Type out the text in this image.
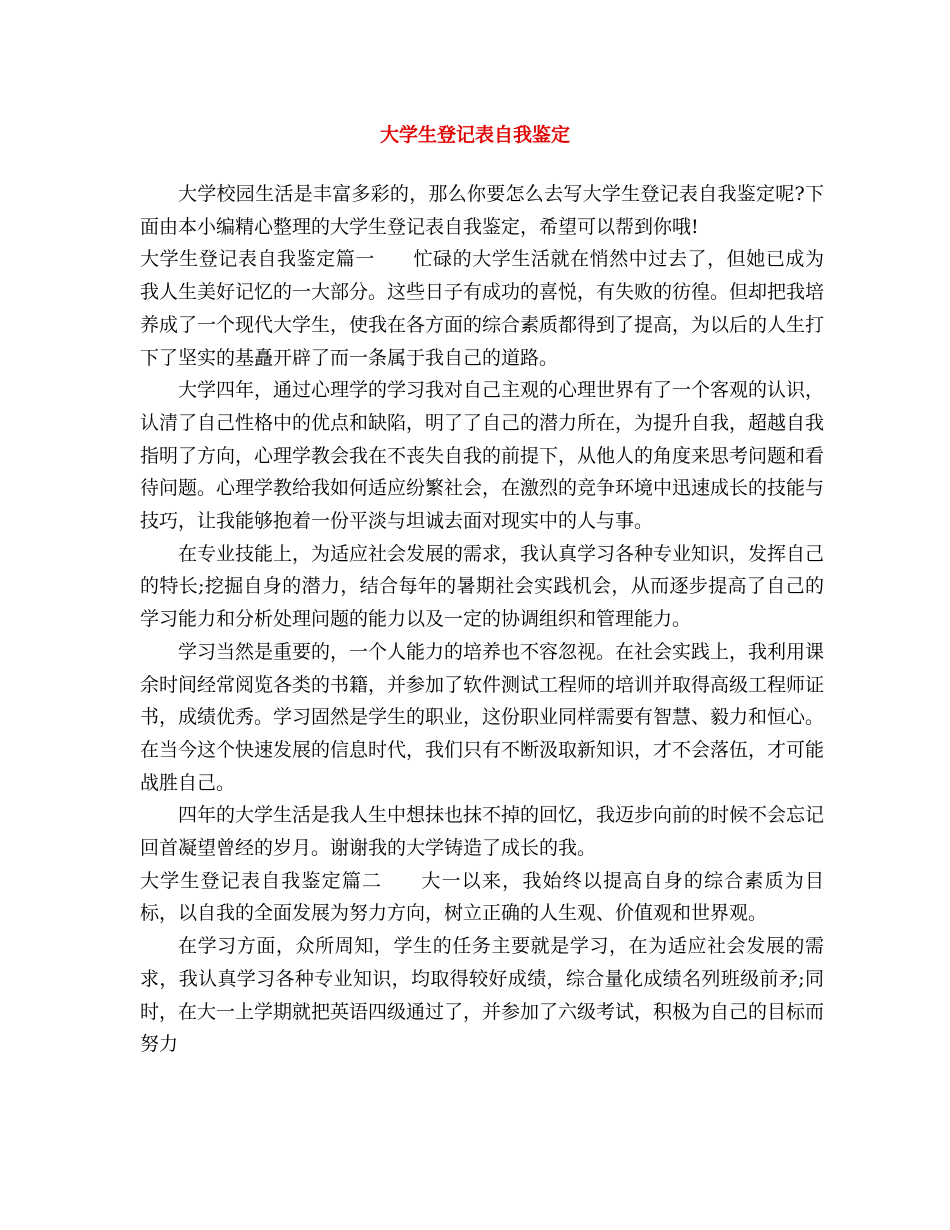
大学生登记表自我鉴定

大学校园生活是丰富多彩的，那么你要怎么去写大学生登记表自我鉴定呢?下面由本小编精心整理的大学生登记表自我鉴定，希望可以帮到你哦!

大学生登记表自我鉴定篇一 忙碌的大学生活就在悄然中过去了，但她已成为我人生美好记忆的一大部分。这些日子有成功的喜悦，有失败的彷徨。但却把我培养成了一个现代大学生，使我在各方面的综合素质都得到了提高，为以后的人生打下了坚实的基矗开辟了而一条属于我自己的道路。

大学四年，通过心理学的学习我对自己主观的心理世界有了一个客观的认识，认清了自己性格中的优点和缺陷，明了了自己的潜力所在，为提升自我，超越自我指明了方向，心理学教会我在不丧失自我的前提下，从他人的角度来思考问题和看待问题。心理学教给我如何适应纷繁社会，在激烈的竞争环境中迅速成长的技能与技巧，让我能够抱着一份平淡与坦诚去面对现实中的人与事。

在专业技能上，为适应社会发展的需求，我认真学习各种专业知识，发挥自己的特长;挖掘自身的潜力，结合每年的暑期社会实践机会，从而逐步提高了自己的学习能力和分析处理问题的能力以及一定的协调组织和管理能力。

学习当然是重要的，一个人能力的培养也不容忽视。在社会实践上，我利用课余时间经常阅览各类的书籍，并参加了软件测试工程师的培训并取得高级工程师证书，成绩优秀。学习固然是学生的职业，这份职业同样需要有智慧、毅力和恒心。在当今这个快速发展的信息时代，我们只有不断汲取新知识，才不会落伍，才可能战胜自己。

四年的大学生活是我人生中想抹也抹不掉的回忆，我迈步向前的时候不会忘记回首凝望曾经的岁月。谢谢我的大学铸造了成长的我。

大学生登记表自我鉴定篇二 大一以来，我始终以提高自身的综合素质为目标，以自我的全面发展为努力方向，树立正确的人生观、价值观和世界观。

在学习方面，众所周知，学生的任务主要就是学习，在为适应社会发展的需求，我认真学习各种专业知识，均取得较好成绩，综合量化成绩名列班级前矛;同时，在大一上学期就把英语四级通过了，并参加了六级考试，积极为自己的目标而努力
